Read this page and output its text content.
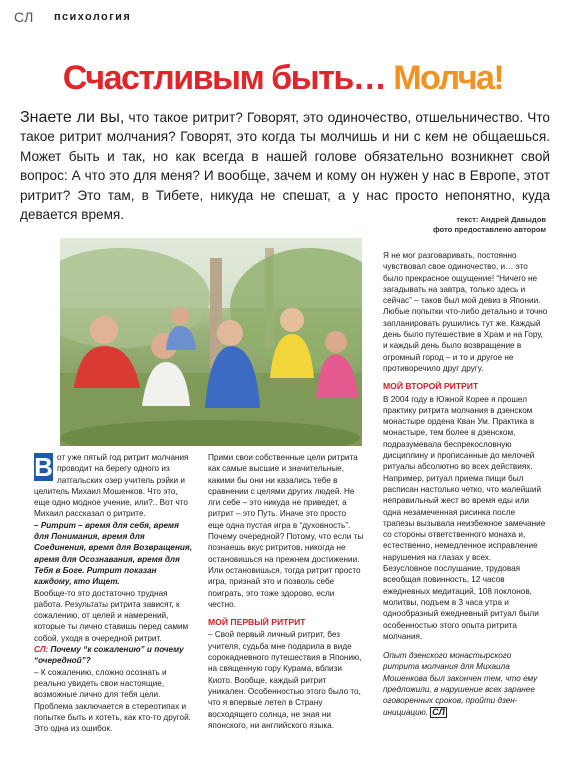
СЛ психология
Счастливым быть… Молча!
Знаете ли вы, что такое ритрит? Говорят, это одиночество, отшельничество. Что такое ритрит молчания? Говорят, это когда ты молчишь и ни с кем не общаешься. Может быть и так, но как всегда в нашей голове обязательно возникнет свой вопрос: А что это для меня? И вообще, зачем и кому он нужен у нас в Европе, этот ритрит? Это там, в Тибете, никуда не спешат, а у нас просто непонятно, куда девается время.	текст: Андрей Давыдов
фото предоставлено автором

В от уже пятый год ритрит молчания проводит на берегу одного из латгальских озер учитель рэйки и целитель Михаил Мошенков. Что это, еще одно модное учение, или?.. Вот что Михаил рассказал о ритрите.

– Ритрит – время для себя, время для Понимания, время для Соединения, время для Возвращения, время для Осознавания, время для Тебя в Боге. Ритрит показан каждому, кто Ищет.

Вообще-то это достаточно трудная работа. Результаты ритрита зависят, к сожалению, от целей и намерений, которые ты лично ставишь перед самим собой, уходя в очередной ритрит.

СЛ: Почему “к сожалению” и почему “очередной”?

– К сожалению, сложно осознать и реально увидеть свои настоящие, возможные лично для тебя цели. Проблема заключается в стереотипах и попытке быть и хотеть, как кто-то другой. Это одна из ошибок.

Прими свои собственные цели ритрита как самые высшие и значительные, какими бы они ни казались тебе в сравнении с целями других людей. Не лги себе – это никуда не приведет, а ритрит – это Путь. Иначе это просто еще одна пустая игра в “духовность”.

Почему очередной? Потому, что если ты познаешь вкус ритритов, никогда не остановишься на прежнем достижении. Или остановишься, тогда ритрит просто игра, признай это и позволь себе поиграть, это тоже здорово, если честно.

МОЙ ПЕРВЫЙ РИТРИТ

– Свой первый личный ритрит, без учителя, судьба мне подарила в виде сорокадневного путешествия в Японию, на священную гору Курама, вблизи Киото. Вообще, каждый ритрит уникален. Особенностью этого было то, что я впервые летел в Страну восходящего солнца, не зная ни японского, ни английского языка.

Я не мог разговаривать, постоянно чувствовал свое одиночество, и… это было прекрасное ощущение! “Ничего не загадывать на завтра, только здесь и сейчас” – таков был мой девиз в Японии. Любые попытки что-либо детально и точно запланировать рушились тут же. Каждый день было путешествие в Храм и на Гору, и каждый день было возвращение в огромный город – и то и другое не противоречило друг другу.

МОЙ ВТОРОЙ РИТРИТ

В 2004 году в Южной Корее я прошел практику ритрита молчания в дзенском монастыре ордена Кван Ум. Практика в монастыре, тем более в дзенском, подразумевала беспрекословную дисциплину и прописанные до мелочей ритуалы абсолютно во всех действиях. Например, ритуал приема пищи был расписан настолько четко, что малейший неправильный жест во время еды или одна незамеченная рисинка после трапезы вызывала неизбежное замечание со стороны ответственного монаха и, естественно, немедленное исправление нарушения на глазах у всех.

Безусловное послушание, трудовая всеобщая повинность, 12 часов ежедневных медитаций, 108 поклонов, молитвы, подъем в 3 часа утра и однообразный ежедневный ритуал были особенностью этого опыта ритрита молчания.

Опыт дзенского монастырского ритрита молчания для Михаила Мошенкова был закончен тем, что ему предложили, в нарушение всех заранее оговоренных сроков, пройти дзен-инициацию. СЛ
